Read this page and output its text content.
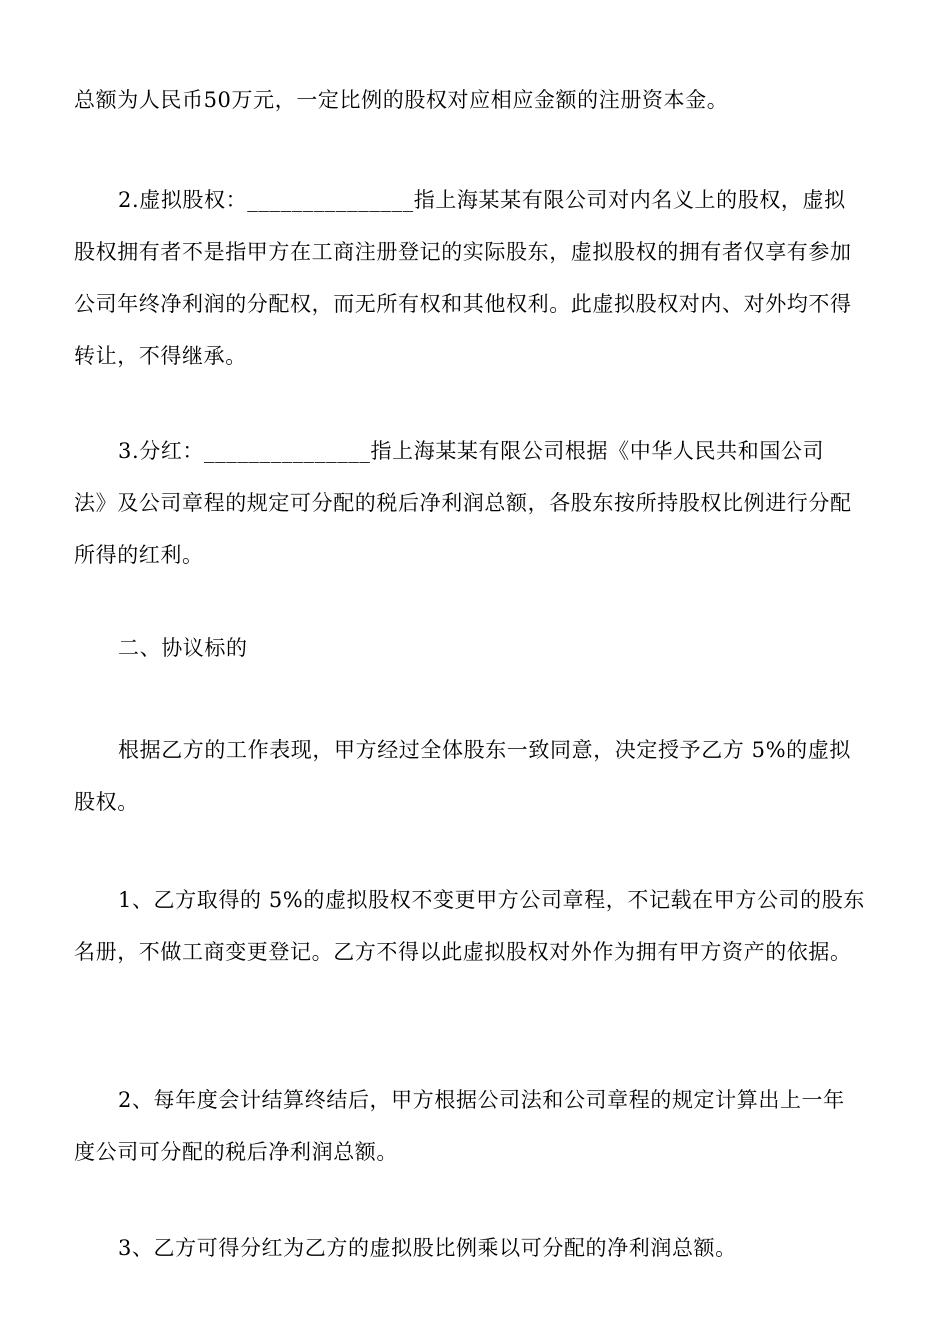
总额为人民币50万元，一定比例的股权对应相应金额的注册资本金。

2.虚拟股权：_______________指上海某某有限公司对内名义上的股权，虚拟
股权拥有者不是指甲方在工商注册登记的实际股东，虚拟股权的拥有者仅享有参加
公司年终净利润的分配权，而无所有权和其他权利。此虚拟股权对内、对外均不得
转让，不得继承。

3.分红：_______________指上海某某有限公司根据《中华人民共和国公司
法》及公司章程的规定可分配的税后净利润总额，各股东按所持股权比例进行分配
所得的红利。

二、协议标的

根据乙方的工作表现，甲方经过全体股东一致同意，决定授予乙方 5%的虚拟
股权。

1、乙方取得的 5%的虚拟股权不变更甲方公司章程，不记载在甲方公司的股东
名册，不做工商变更登记。乙方不得以此虚拟股权对外作为拥有甲方资产的依据。

2、每年度会计结算终结后，甲方根据公司法和公司章程的规定计算出上一年
度公司可分配的税后净利润总额。

3、乙方可得分红为乙方的虚拟股比例乘以可分配的净利润总额。
